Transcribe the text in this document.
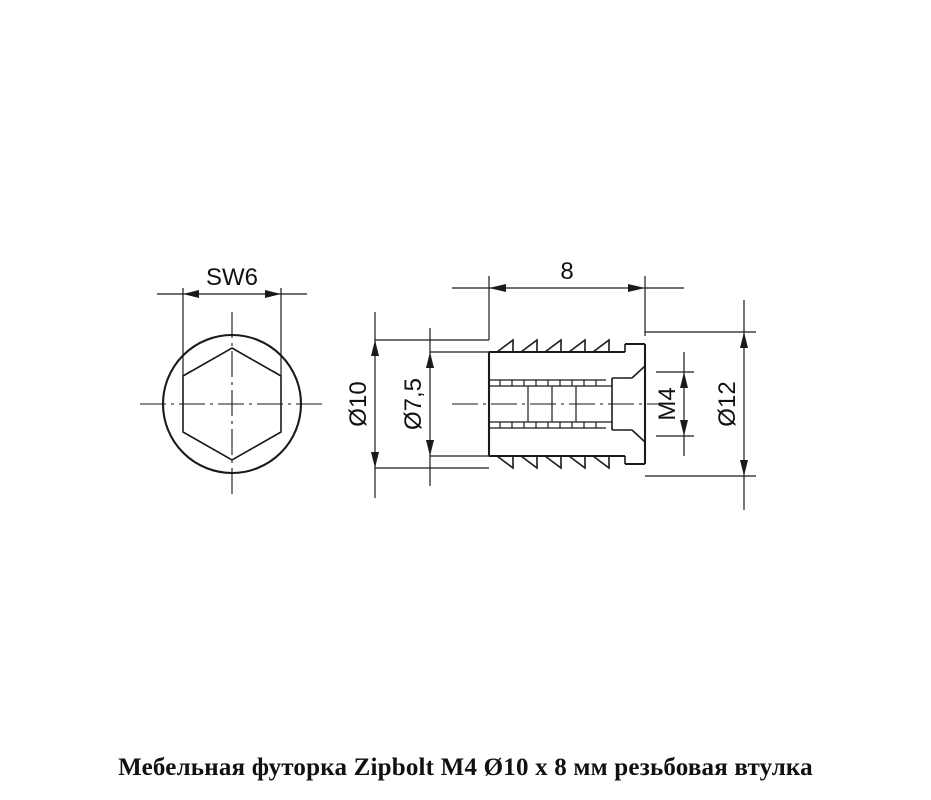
SW6	8
Ø10 Ø7,5	M4 Ø12
Мебельная футорка Zipbolt M4 Ø10 x 8 мм резьбовая втулка
